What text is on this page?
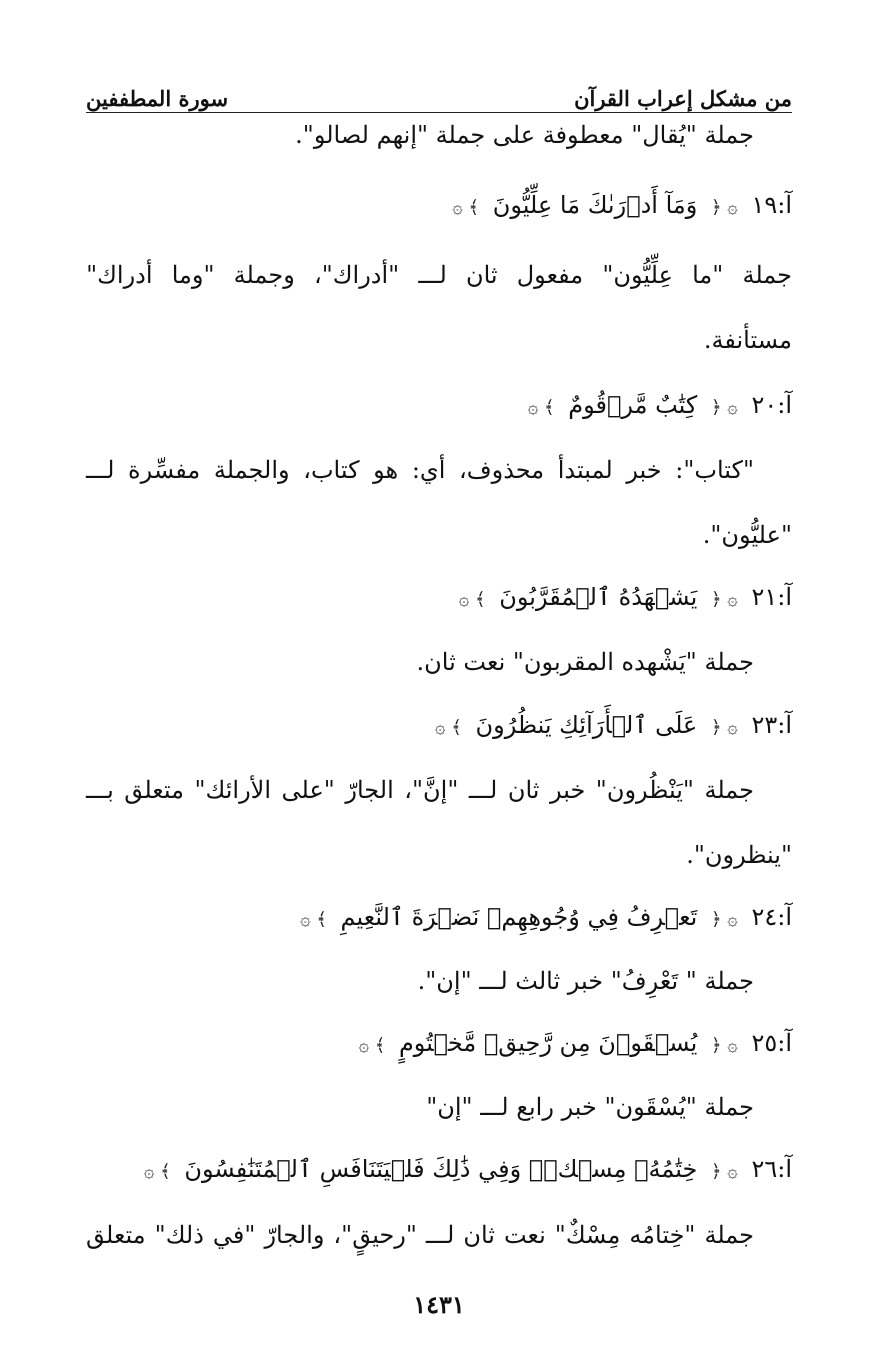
من مشكل إعراب القرآن
سورة المطففين
جملة "يُقال" معطوفة على جملة "إنهم لصالو".
آ:١٩ ۞ ﴿ وَمَآ أَدۡرَىٰكَ مَا عِلِّيُّونَ ﴾ ۞
جملة
"ما
عِلِّيُّون"
مفعول
ثان
لـــ
"أدراك"،
وجملة
"وما
أدراك"
مستأنفة.
آ:٢٠ ۞ ﴿ كِتَٰبٌ مَّرۡقُومٌ ﴾ ۞
"كتاب":
خبر
لمبتدأ
محذوف،
أي:
هو
كتاب،
والجملة
مفسِّرة
لـــ
"عليُّون".
آ:٢١ ۞ ﴿ يَشۡهَدُهُ ٱلۡمُقَرَّبُونَ ﴾ ۞
جملة "يَشْهده المقربون" نعت ثان.
آ:٢٣ ۞ ﴿ عَلَى ٱلۡأَرَآئِكِ يَنظُرُونَ ﴾ ۞
جملة
"يَنْظُرون"
خبر
ثان
لـــ
"إنَّ"،
الجارّ
"على
الأرائك"
متعلق
بـــ
"ينظرون".
آ:٢٤ ۞ ﴿ تَعۡرِفُ فِي وُجُوهِهِمۡ نَضۡرَةَ ٱلنَّعِيمِ ﴾ ۞
جملة " تَعْرِفُ" خبر ثالث لـــ "إن".
آ:٢٥ ۞ ﴿ يُسۡقَوۡنَ مِن رَّحِيقٖ مَّخۡتُومٍ ﴾ ۞
جملة "يُسْقَون" خبر رابع لـــ "إن"
آ:٢٦ ۞ ﴿ خِتَٰمُهُۥ مِسۡكٞۚ وَفِي ذَٰلِكَ فَلۡيَتَنَافَسِ ٱلۡمُتَنَٰفِسُونَ ﴾ ۞
جملة
"خِتامُه
مِسْكٌ"
نعت
ثان
لـــ
"رحيقٍ"،
والجارّ
"في
ذلك"
متعلق
١٤٣١
